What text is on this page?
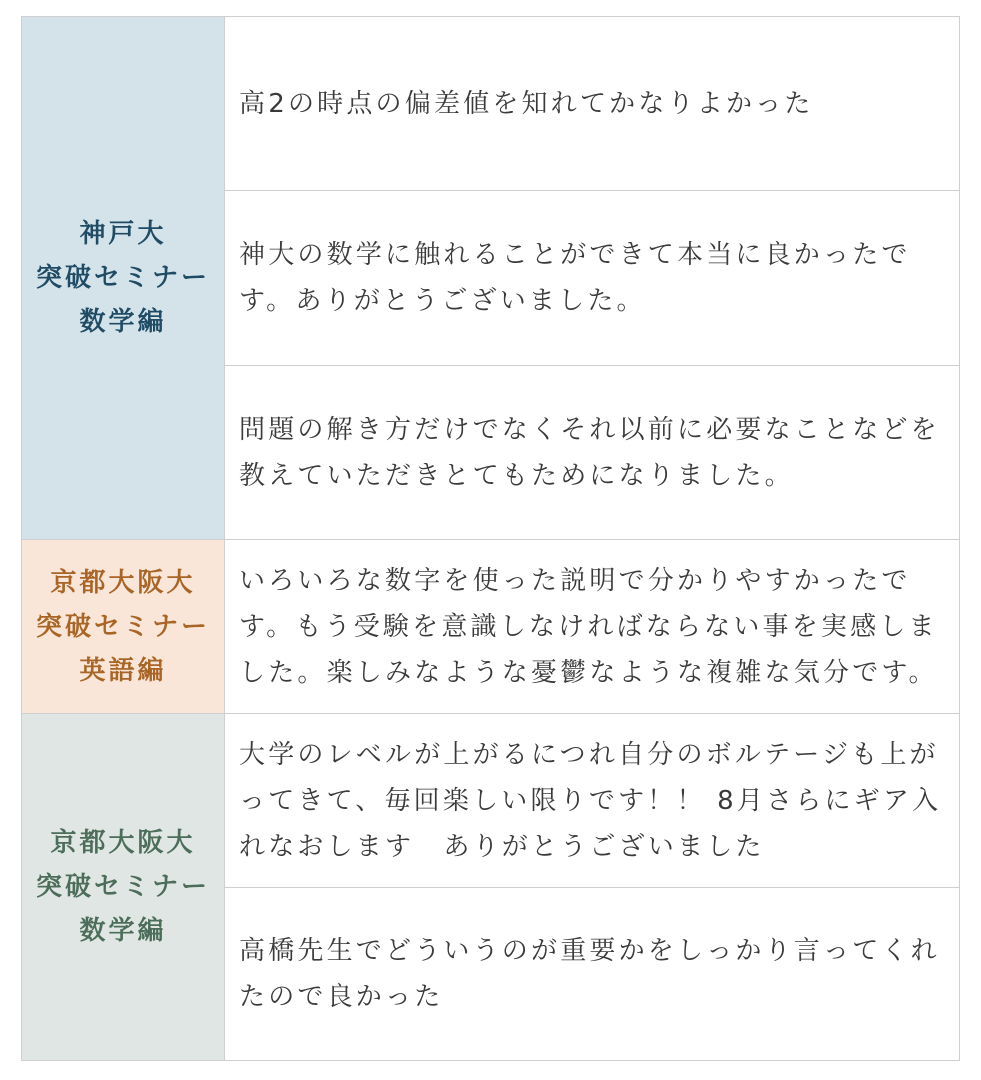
神戸大
突破セミナー
数学編	高2の時点の偏差値を知れてかなりよかった
	神大の数学に触れることができて本当に良かったです。ありがとうございました。
	問題の解き方だけでなくそれ以前に必要なことなどを教えていただきとてもためになりました。

京都大阪大
突破セミナー
英語編	いろいろな数字を使った説明で分かりやすかったです。もう受験を意識しなければならない事を実感しました。楽しみなような憂鬱なような複雑な気分です。

京都大阪大
突破セミナー
数学編	大学のレベルが上がるにつれ自分のボルテージも上がってきて、毎回楽しい限りです！！ 8月さらにギア入れなおします　ありがとうございました
	高橋先生でどういうのが重要かをしっかり言ってくれたので良かった
